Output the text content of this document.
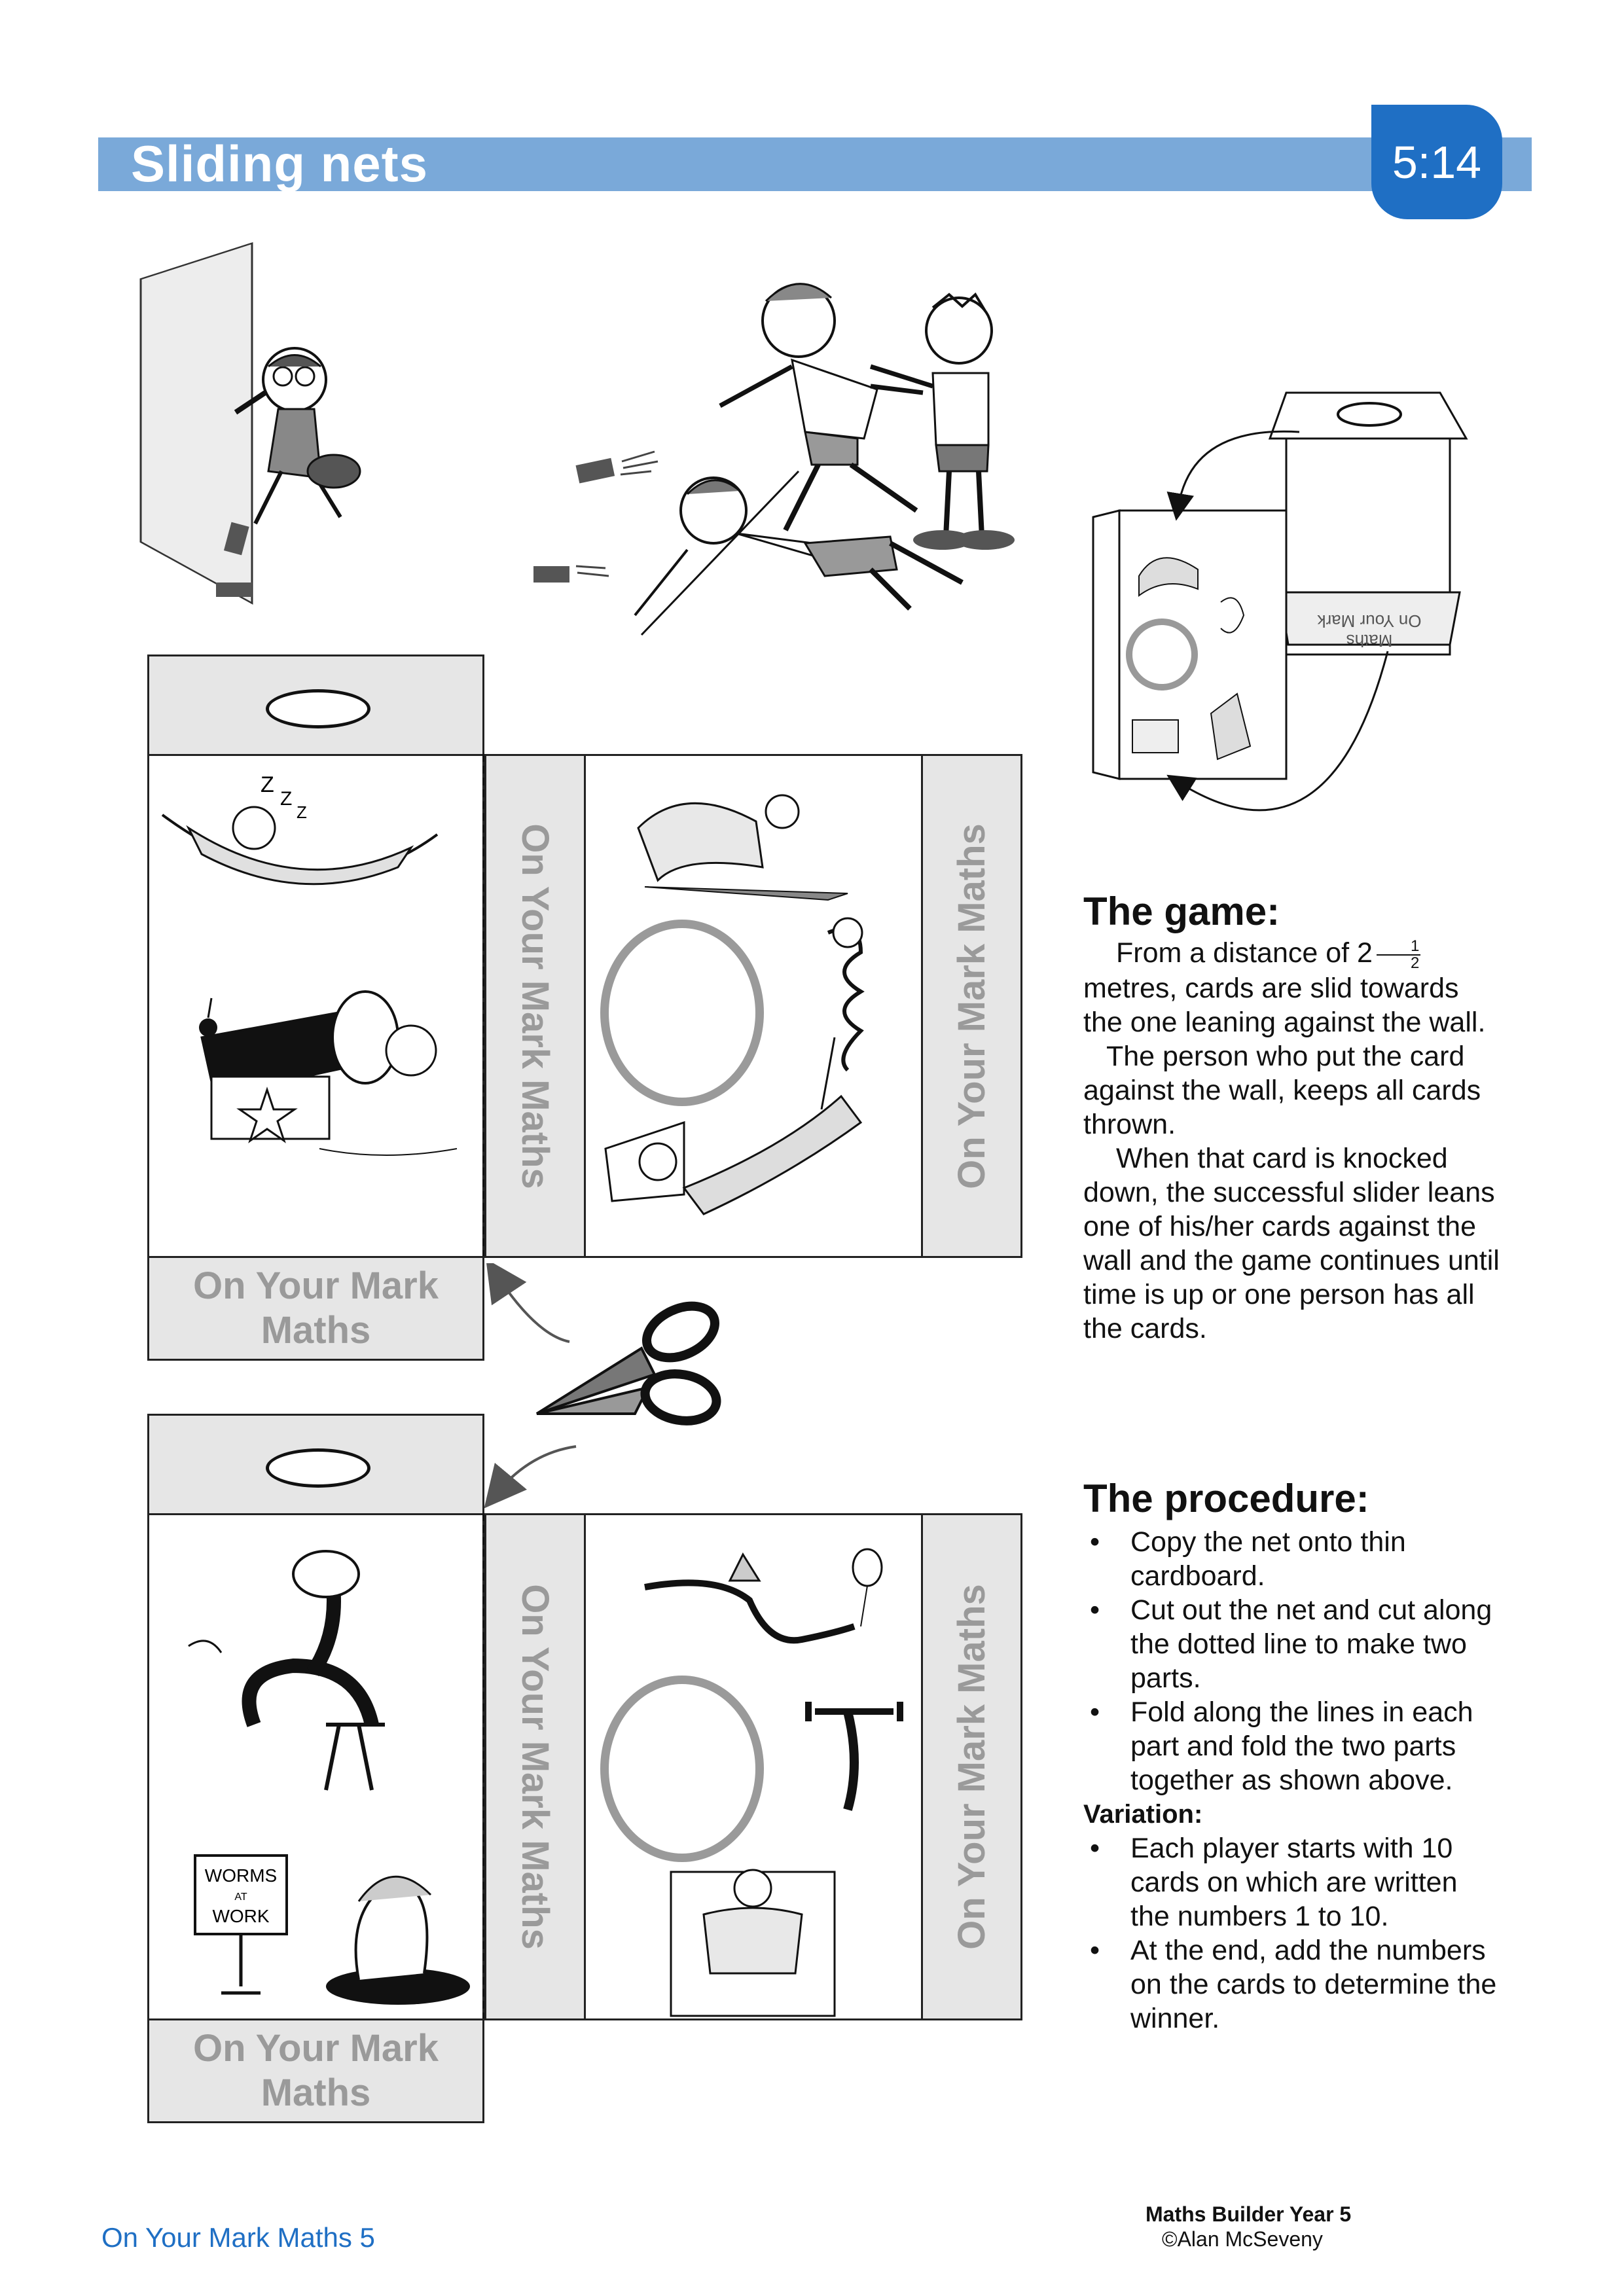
Sliding nets	5:14
On Your Mark
Maths
Z
Z
Z
On Your Mark Maths	On Your Mark Maths
On Your Mark
Maths
WORMS
AT
WORK	On Your Mark Maths	On Your Mark Maths
On Your Mark
Maths
The game:

From a distance of $2 \frac{1}{2}$
metres, cards are slid towards the one leaning against the wall.

The person who put the card against the wall, keeps all cards thrown.

When that card is knocked down, the successful slider leans one of his/her cards against the wall and the game continues until time is up or one person has all the cards.

The procedure:
•	Copy the net onto thin cardboard.
•	Cut out the net and cut along the dotted line to make two parts.
•	Fold along the lines in each part and fold the two parts together as shown above.
Variation:
•	Each player starts with 10 cards on which are written the numbers 1 to 10.
•	At the end, add the numbers on the cards to determine the winner.
On Your Mark Maths 5
Maths Builder Year 5
©Alan McSeveny
